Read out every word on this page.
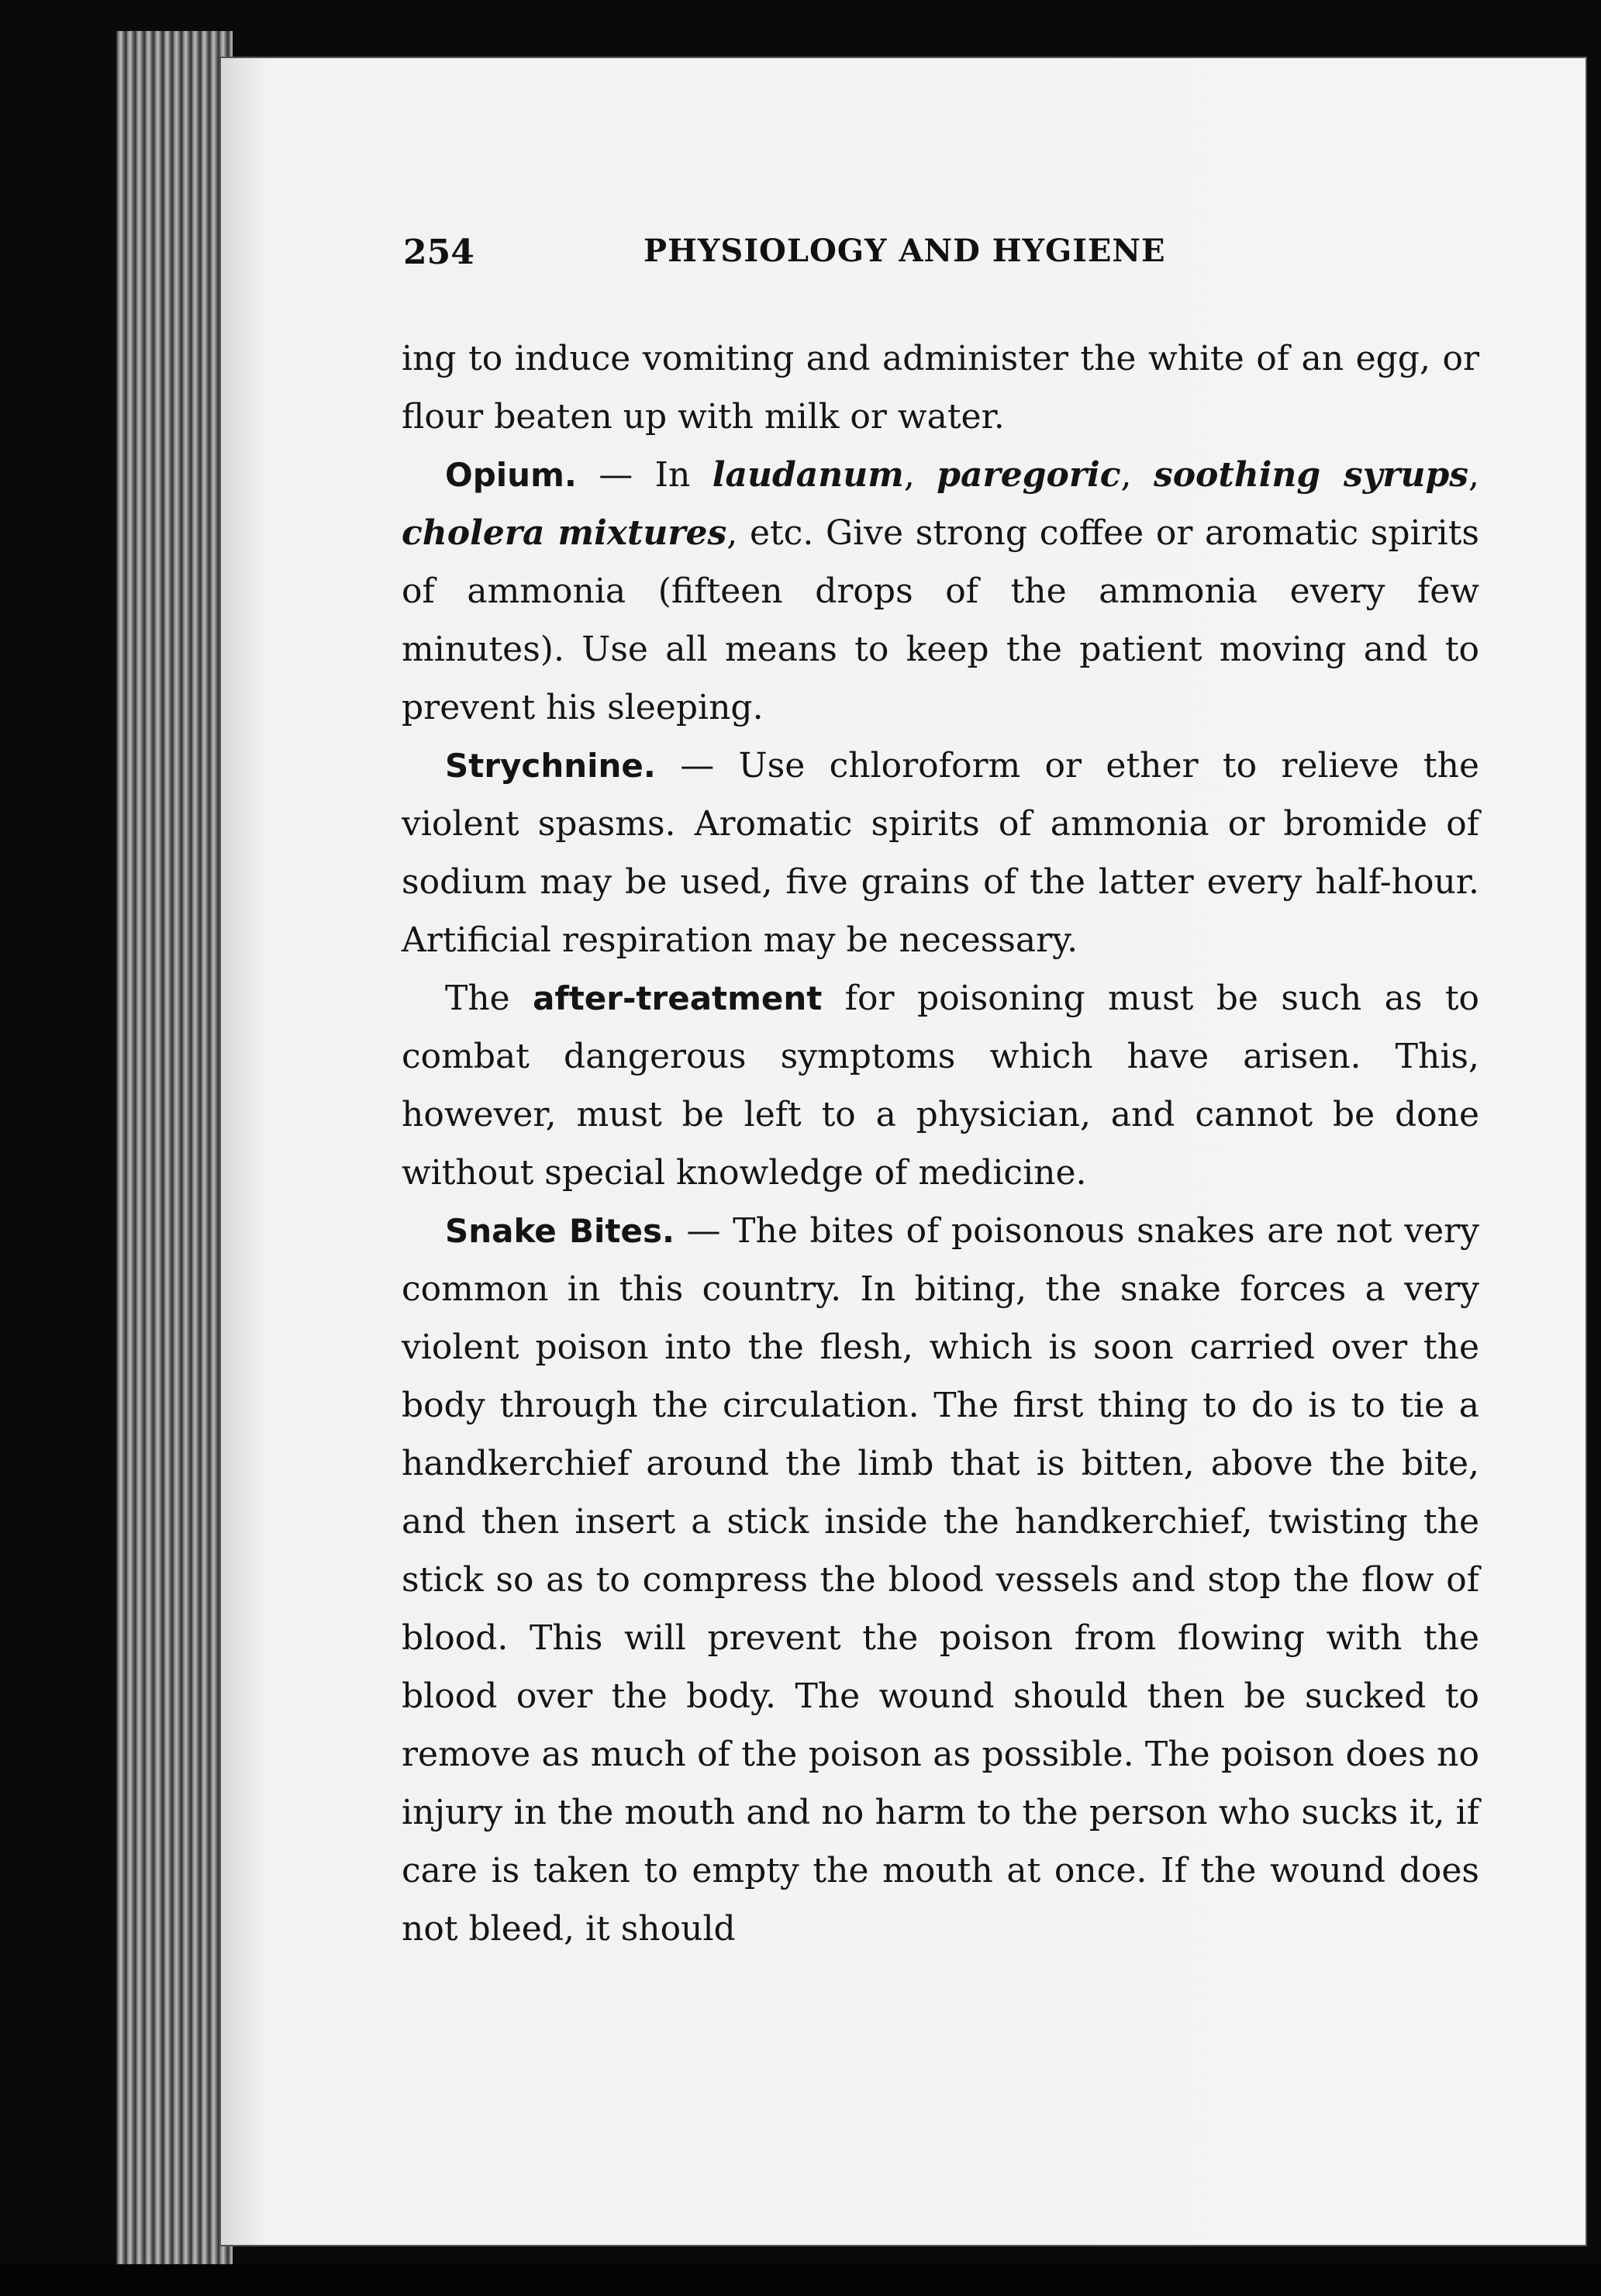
254	PHYSIOLOGY AND HYGIENE

ing to induce vomiting and administer the white of an egg, or flour beaten up with milk or water.

Opium. — In laudanum, paregoric, soothing syrups, cholera mixtures, etc. Give strong coffee or aromatic spirits of ammonia (fifteen drops of the ammonia every few minutes). Use all means to keep the patient moving and to prevent his sleeping.

Strychnine. — Use chloroform or ether to relieve the violent spasms. Aromatic spirits of ammonia or bromide of sodium may be used, five grains of the latter every half-hour. Artificial respiration may be necessary.

The after-treatment for poisoning must be such as to combat dangerous symptoms which have arisen. This, however, must be left to a physician, and cannot be done without special knowledge of medicine.

Snake Bites. — The bites of poisonous snakes are not very common in this country. In biting, the snake forces a very violent poison into the flesh, which is soon carried over the body through the circulation. The first thing to do is to tie a handkerchief around the limb that is bitten, above the bite, and then insert a stick inside the handkerchief, twisting the stick so as to compress the blood vessels and stop the flow of blood. This will prevent the poison from flowing with the blood over the body. The wound should then be sucked to remove as much of the poison as possible. The poison does no injury in the mouth and no harm to the person who sucks it, if care is taken to empty the mouth at once. If the wound does not bleed, it should
